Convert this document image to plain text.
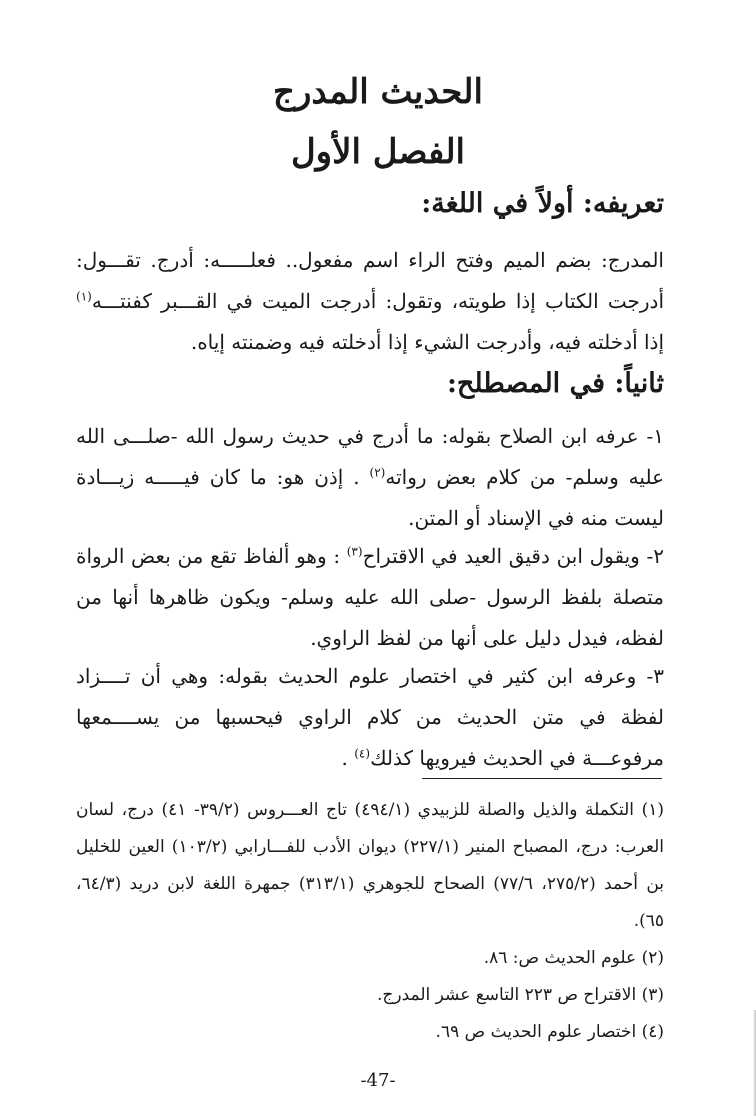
الحديث المدرج
الفصل الأول
تعريفه: أولاً في اللغة:
المدرج: بضم الميم وفتح الراء اسم مفعول.. فعلـــــه: أدرج. تقـــول: أدرجت الكتاب إذا طويته، وتقول: أدرجت الميت في القـــبر كفنتـــه$^{(١)}$ إذا أدخلته فيه، وأدرجت الشيء إذا أدخلته فيه وضمنته إياه.
ثانياً: في المصطلح:
١- عرفه ابن الصلاح بقوله: ما أدرج في حديث رسول الله -صلـــى الله عليه وسلم- من كلام بعض رواته$^{(٢)}$ . إذن هو: ما كان فيـــــه زيـــادة ليست منه في الإسناد أو المتن.
٢- ويقول ابن دقيق العيد في الاقتراح$^{(٣)}$ : وهو ألفاظ تقع من بعض الرواة متصلة بلفظ الرسول -صلى الله عليه وسلم- ويكون ظاهرها أنها من لفظه، فيدل دليل على أنها من لفظ الراوي.
٣- وعرفه ابن كثير في اختصار علوم الحديث بقوله: وهي أن تــــزاد لفظة في متن الحديث من كلام الراوي فيحسبها من يســــمعها مرفوعـــة في الحديث فيرويها كذلك$^{(٤)}$ .
(١) التكملة والذيل والصلة للزبيدي (٤٩٤/١) تاج العـــروس (٣٩/٢- ٤١) درج، لسان العرب: درج، المصباح المنير (٢٢٧/١) ديوان الأدب للفـــارابي (١٠٣/٢) العين للخليل بن أحمد (٢٧٥/٢، ٧٧/٦) الصحاح للجوهري (٣١٣/١) جمهرة اللغة لابن دريد (٦٤/٣، ٦٥).
(٢) علوم الحديث ص: ٨٦.
(٣) الاقتراح ص ٢٢٣ التاسع عشر المدرج.
(٤) اختصار علوم الحديث ص ٦٩.
-47-
